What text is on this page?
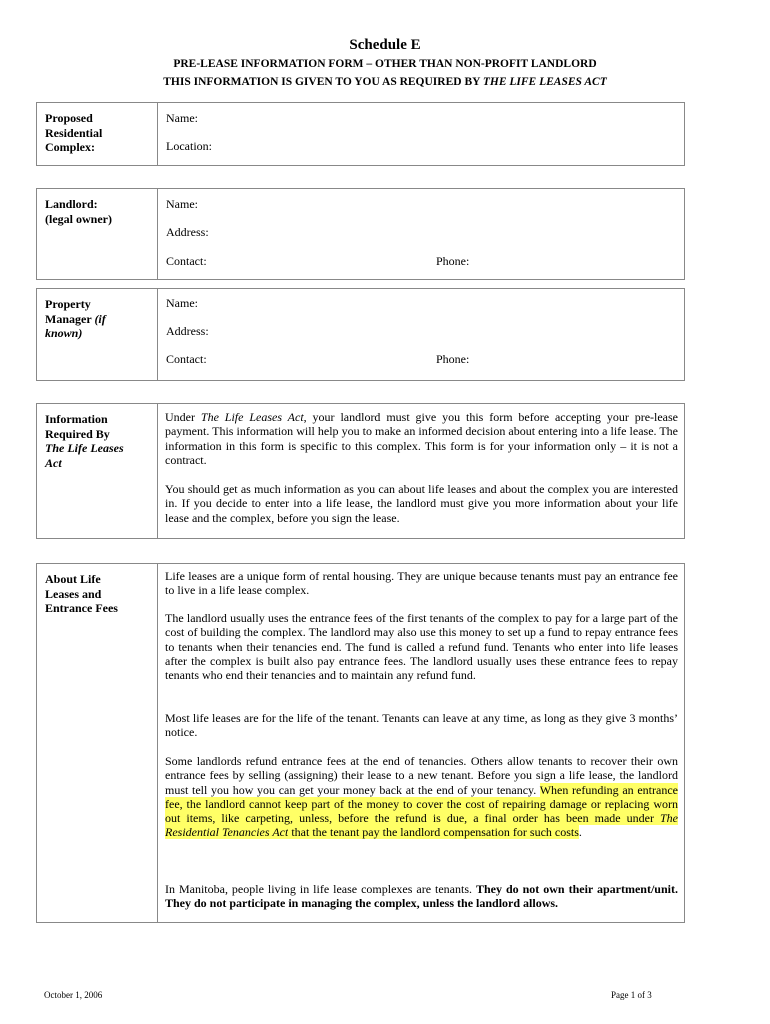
Schedule E
PRE-LEASE INFORMATION FORM – OTHER THAN NON-PROFIT LANDLORD
THIS INFORMATION IS GIVEN TO YOU AS REQUIRED BY THE LIFE LEASES ACT
Proposed
Residential
Complex:
Name:
Location:
Landlord:
(legal owner)
Name:
Address:
Contact:	Phone:
Property
Manager (if
known)
Name:
Address:
Phone:
Contact:
Information
Required By
The Life Leases
Act
Under The Life Leases Act, your landlord must give you this form before accepting your pre-lease payment. This information will help you to make an informed decision about entering into a life lease. The information in this form is specific to this complex. This form is for your information only – it is not a contract.
You should get as much information as you can about life leases and about the complex you are interested in. If you decide to enter into a life lease, the landlord must give you more information about your life lease and the complex, before you sign the lease.
About Life
Leases and
Entrance Fees
Life leases are a unique form of rental housing. They are unique because tenants must pay an entrance fee to live in a life lease complex.
The landlord usually uses the entrance fees of the first tenants of the complex to pay for a large part of the cost of building the complex. The landlord may also use this money to set up a fund to repay entrance fees to tenants when their tenancies end. The fund is called a refund fund. Tenants who enter into life leases after the complex is built also pay entrance fees. The landlord usually uses these entrance fees to repay tenants who end their tenancies and to maintain any refund fund.
Most life leases are for the life of the tenant. Tenants can leave at any time, as long as they give 3 months’ notice.
Some landlords refund entrance fees at the end of tenancies. Others allow tenants to recover their own entrance fees by selling (assigning) their lease to a new tenant. Before you sign a life lease, the landlord must tell you how you can get your money back at the end of your tenancy. When refunding an entrance fee, the landlord cannot keep part of the money to cover the cost of repairing damage or replacing worn out items, like carpeting, unless, before the refund is due, a final order has been made under The Residential Tenancies Act that the tenant pay the landlord compensation for such costs.
In Manitoba, people living in life lease complexes are tenants. They do not own their apartment/unit. They do not participate in managing the complex, unless the landlord allows.
October 1, 2006	Page 1 of 3
